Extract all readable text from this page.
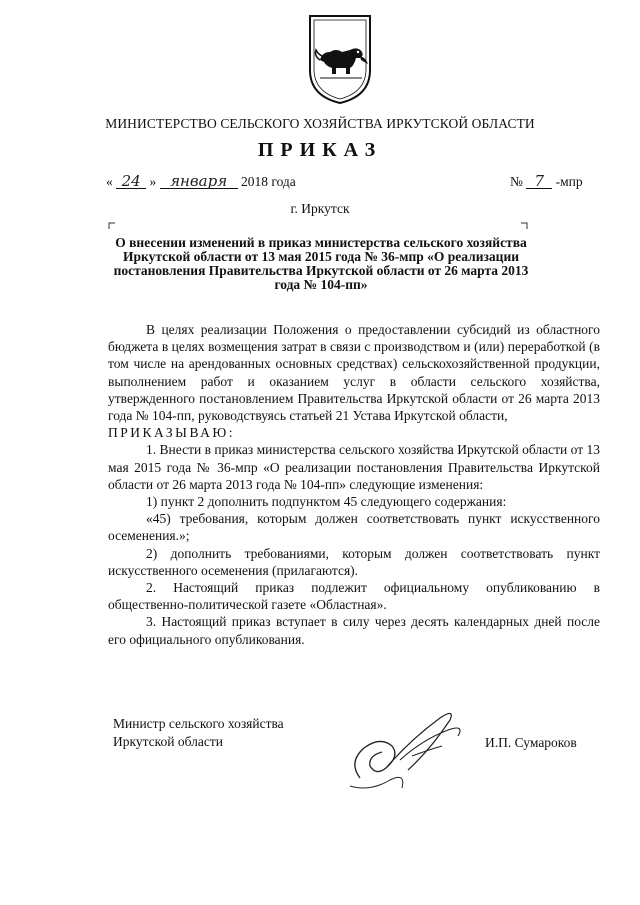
МИНИСТЕРСТВО СЕЛЬСКОГО ХОЗЯЙСТВА ИРКУТСКОЙ ОБЛАСТИ
ПРИКАЗ
« 24 » января 2018 года	№ 7 -мпр
г. Иркутск
О внесении изменений в приказ министерства сельского хозяйства Иркутской области от 13 мая 2015 года № 36-мпр «О реализации постановления Правительства Иркутской области от 26 марта 2013 года № 104-пп»

В целях реализации Положения о предоставлении субсидий из областного бюджета в целях возмещения затрат в связи с производством и (или) переработкой (в том числе на арендованных основных средствах) сельскохозяйственной продукции, выполнением работ и оказанием услуг в области сельского хозяйства, утвержденного постановлением Правительства Иркутской области от 26 марта 2013 года № 104-пп, руководствуясь статьей 21 Устава Иркутской области,

ПРИКАЗЫВАЮ:

1. Внести в приказ министерства сельского хозяйства Иркутской области от 13 мая 2015 года № 36-мпр «О реализации постановления Правительства Иркутской области от 26 марта 2013 года № 104-пп» следующие изменения:

1) пункт 2 дополнить подпунктом 45 следующего содержания:

«45) требования, которым должен соответствовать пункт искусственного осеменения.»;

2) дополнить требованиями, которым должен соответствовать пункт искусственного осеменения (прилагаются).

2. Настоящий приказ подлежит официальному опубликованию в общественно-политической газете «Областная».

3. Настоящий приказ вступает в силу через десять календарных дней после его официального опубликования.

Министр сельского хозяйства

Иркутской области	И.П. Сумароков
